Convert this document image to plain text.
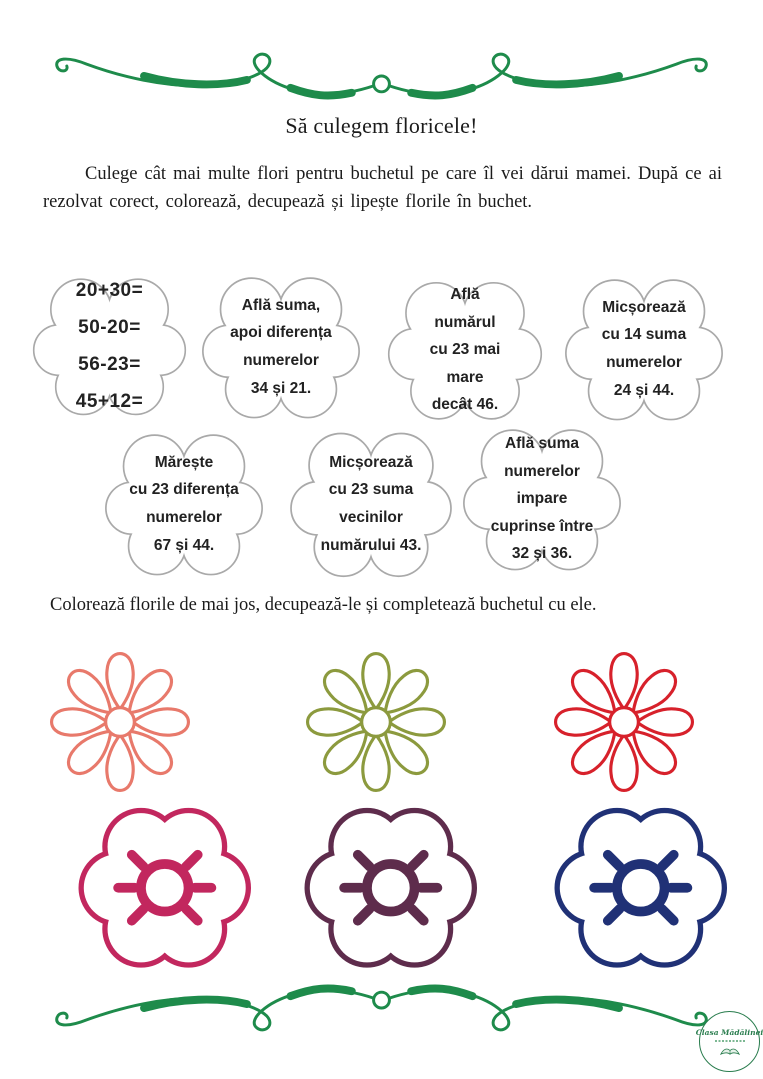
Să culegem floricele!

Culege cât mai multe flori pentru buchetul pe care îl vei dărui mamei. După ce ai rezolvat corect, colorează, decupează și lipește florile în buchet.

20+30=
50-20=
56-23=
45+12=
Află suma,
apoi diferența
numerelor
34 și 21.
Află
numărul
cu 23 mai
mare
decât 46.
Micșorează
cu 14 suma
numerelor
24 și 44.
Mărește
cu 23 diferența
numerelor
67 și 44.
Micșorează
cu 23 suma
vecinilor
numărului 43.
Află suma
numerelor
impare
cuprinse între
32 și 36.

Colorează florile de mai jos, decupează-le și completează buchetul cu ele.

Clasa Mădălinei
